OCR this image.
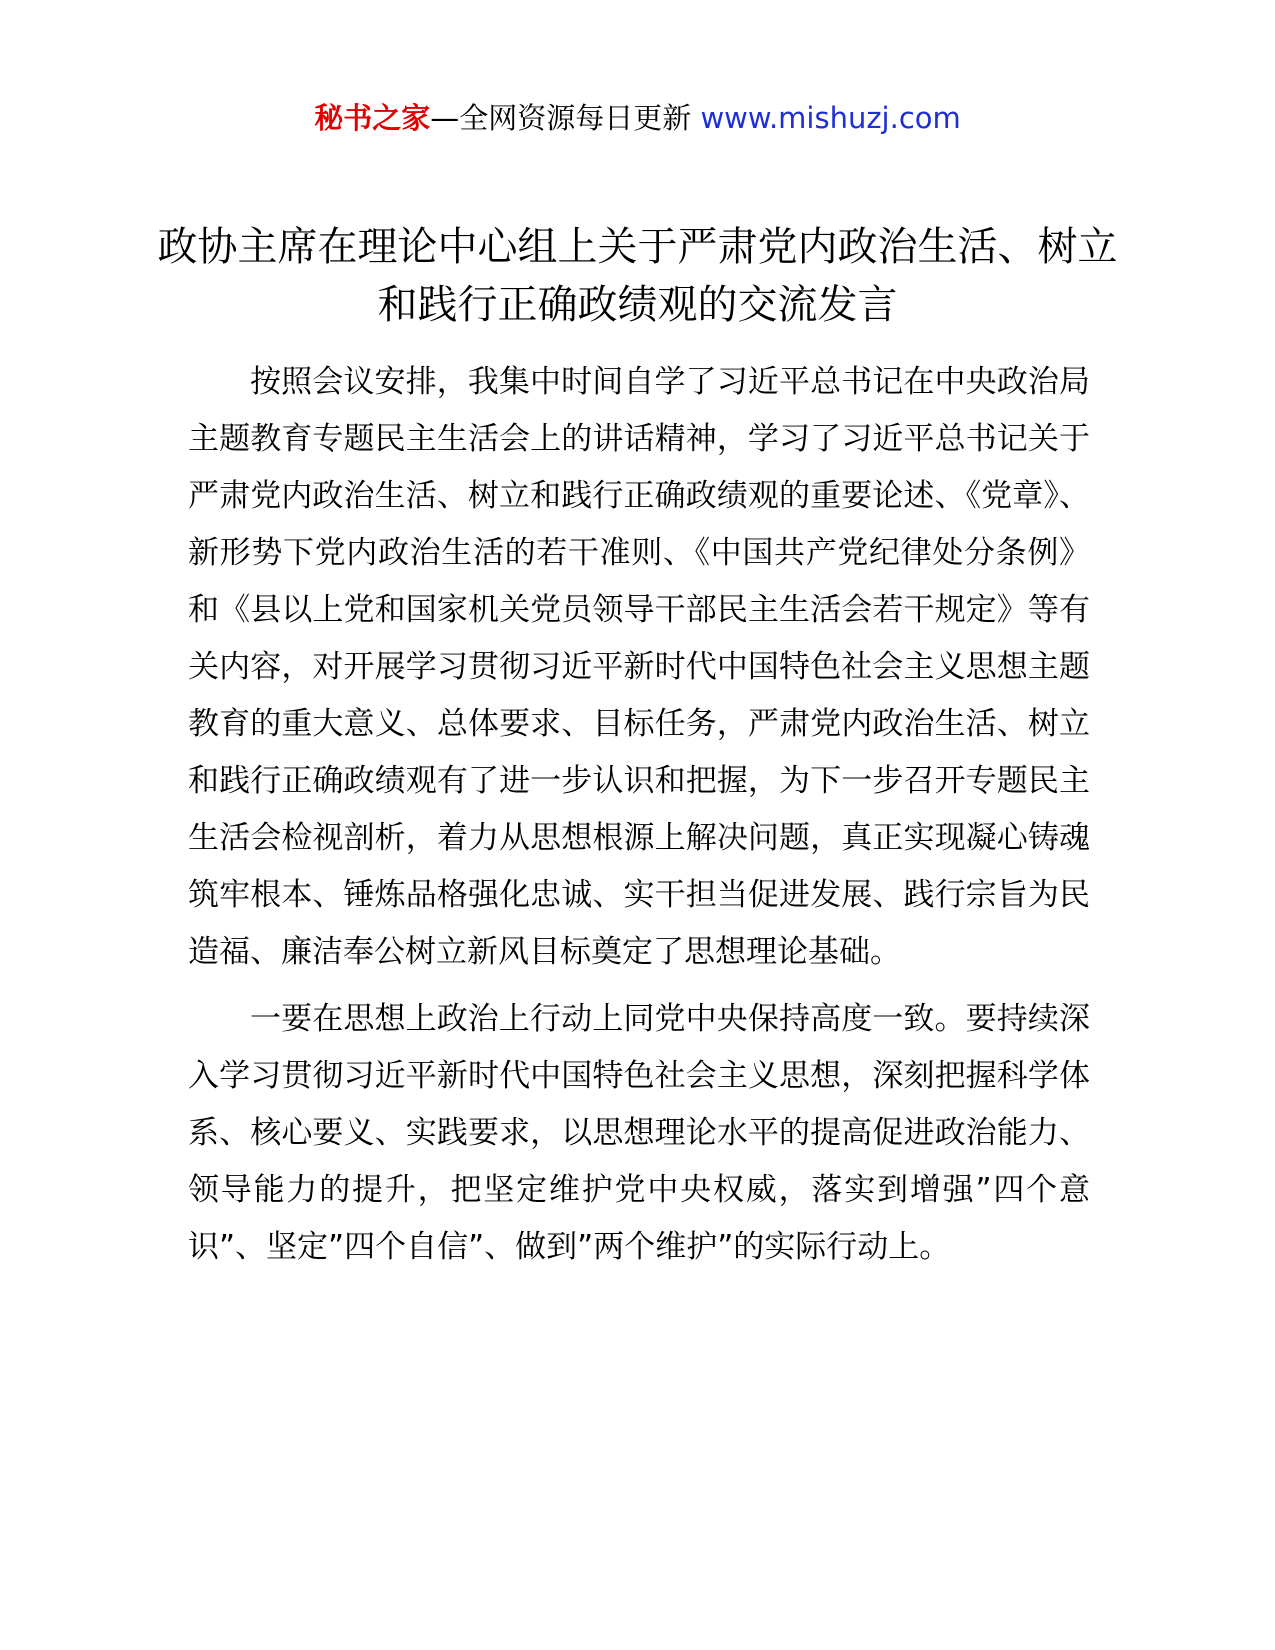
秘书之家—全网资源每日更新 www.mishuzj.com
政协主席在理论中心组上关于严肃党内政治生活、树立和践行正确政绩观的交流发言

按照会议安排，我集中时间自学了习近平总书记在中央政治局主题教育专题民主生活会上的讲话精神，学习了习近平总书记关于严肃党内政治生活、树立和践行正确政绩观的重要论述、《党章》、新形势下党内政治生活的若干准则、《中国共产党纪律处分条例》和《县以上党和国家机关党员领导干部民主生活会若干规定》等有关内容，对开展学习贯彻习近平新时代中国特色社会主义思想主题教育的重大意义、总体要求、目标任务，严肃党内政治生活、树立和践行正确政绩观有了进一步认识和把握，为下一步召开专题民主生活会检视剖析，着力从思想根源上解决问题，真正实现凝心铸魂筑牢根本、锤炼品格强化忠诚、实干担当促进发展、践行宗旨为民造福、廉洁奉公树立新风目标奠定了思想理论基础。

一要在思想上政治上行动上同党中央保持高度一致。要持续深入学习贯彻习近平新时代中国特色社会主义思想，深刻把握科学体系、核心要义、实践要求，以思想理论水平的提高促进政治能力、领导能力的提升，把坚定维护党中央权威，落实到增强”四个意识”、坚定”四个自信”、做到”两个维护”的实际行动上。
